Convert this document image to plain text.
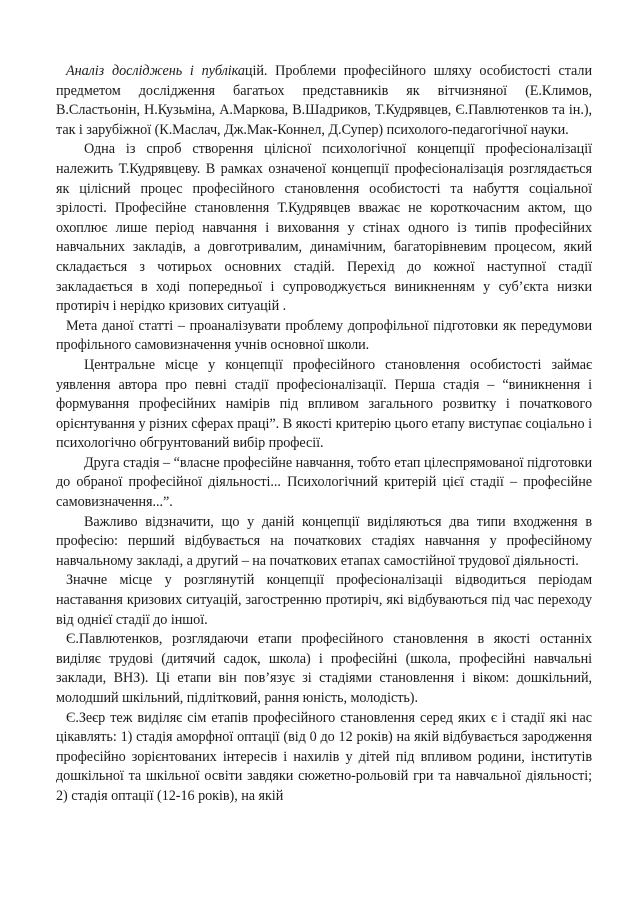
Аналіз досліджень і публікацій. Проблеми професійного шляху особистості стали предметом дослідження багатьох представників як вітчизняної (Е.Климов, В.Сластьонін, Н.Кузьміна, А.Маркова, В.Шадриков, Т.Кудрявцев, Є.Павлютенков та ін.), так і зарубіжної (К.Маслач, Дж.Мак-Коннел, Д.Супер) психолого-педагогічної науки.

Одна із спроб створення цілісної психологічної концепції професіоналізації належить Т.Кудрявцеву. В рамках означеної концепції професіоналізація розглядається як цілісний процес професійного становлення особистості та набуття соціальної зрілості. Професійне становлення Т.Кудрявцев вважає не короткочасним актом, що охоплює лише період навчання і виховання у стінах одного із типів професійних навчальних закладів, а довготривалим, динамічним, багаторівневим процесом, який складається з чотирьох основних стадій. Перехід до кожної наступної стадії закладається в ході попередньої і супроводжується виникненням у суб’єкта низки протиріч і нерідко кризових ситуацій .

Мета даної статті – проаналізувати проблему допрофільної підготовки як передумови профільного самовизначення учнів основної школи.

Центральне місце у концепції професійного становлення особистості займає уявлення автора про певні стадії професіоналізації. Перша стадія – “виникнення і формування професійних намірів під впливом загального розвитку і початкового орієнтування у різних сферах праці”. В якості критерію цього етапу виступає соціально і психологічно обгрунтований вибір професії.

Друга стадія – “власне професійне навчання, тобто етап цілеспрямованої підготовки до обраної професійної діяльності... Психологічний критерій цієї стадії – професійне самовизначення...”.

Важливо відзначити, що у даній концепції виділяються два типи входження в професію: перший відбувається на початкових стадіях навчання у професійному навчальному закладі, а другий – на початкових етапах самостійної трудової діяльності.

Значне місце у розглянутій концепції професіоналізаціі відводиться періодам наставання кризових ситуацій, загостренню протиріч, які відбуваються під час переходу від однієї стадії до іншої.

Є.Павлютенков, розглядаючи етапи професійного становлення в якості останніх виділяє трудові (дитячий садок, школа) і професійні (школа, професійні навчальні заклади, ВНЗ). Ці етапи він пов’язує зі стадіями становлення і віком: дошкільний, молодший шкільний, підлітковий, рання юність, молодість).

Є.Зеєр теж виділяє сім етапів професійного становлення серед яких є і стадії які нас цікавлять: 1) стадія аморфної оптації (від 0 до 12 років) на якій відбувається зародження професійно зорієнтованих інтересів і нахилів у дітей під впливом родини, інститутів дошкільної та шкільної освіти завдяки сюжетно-рольовій гри та навчальної діяльності; 2) стадія оптації (12-16 років), на якій
